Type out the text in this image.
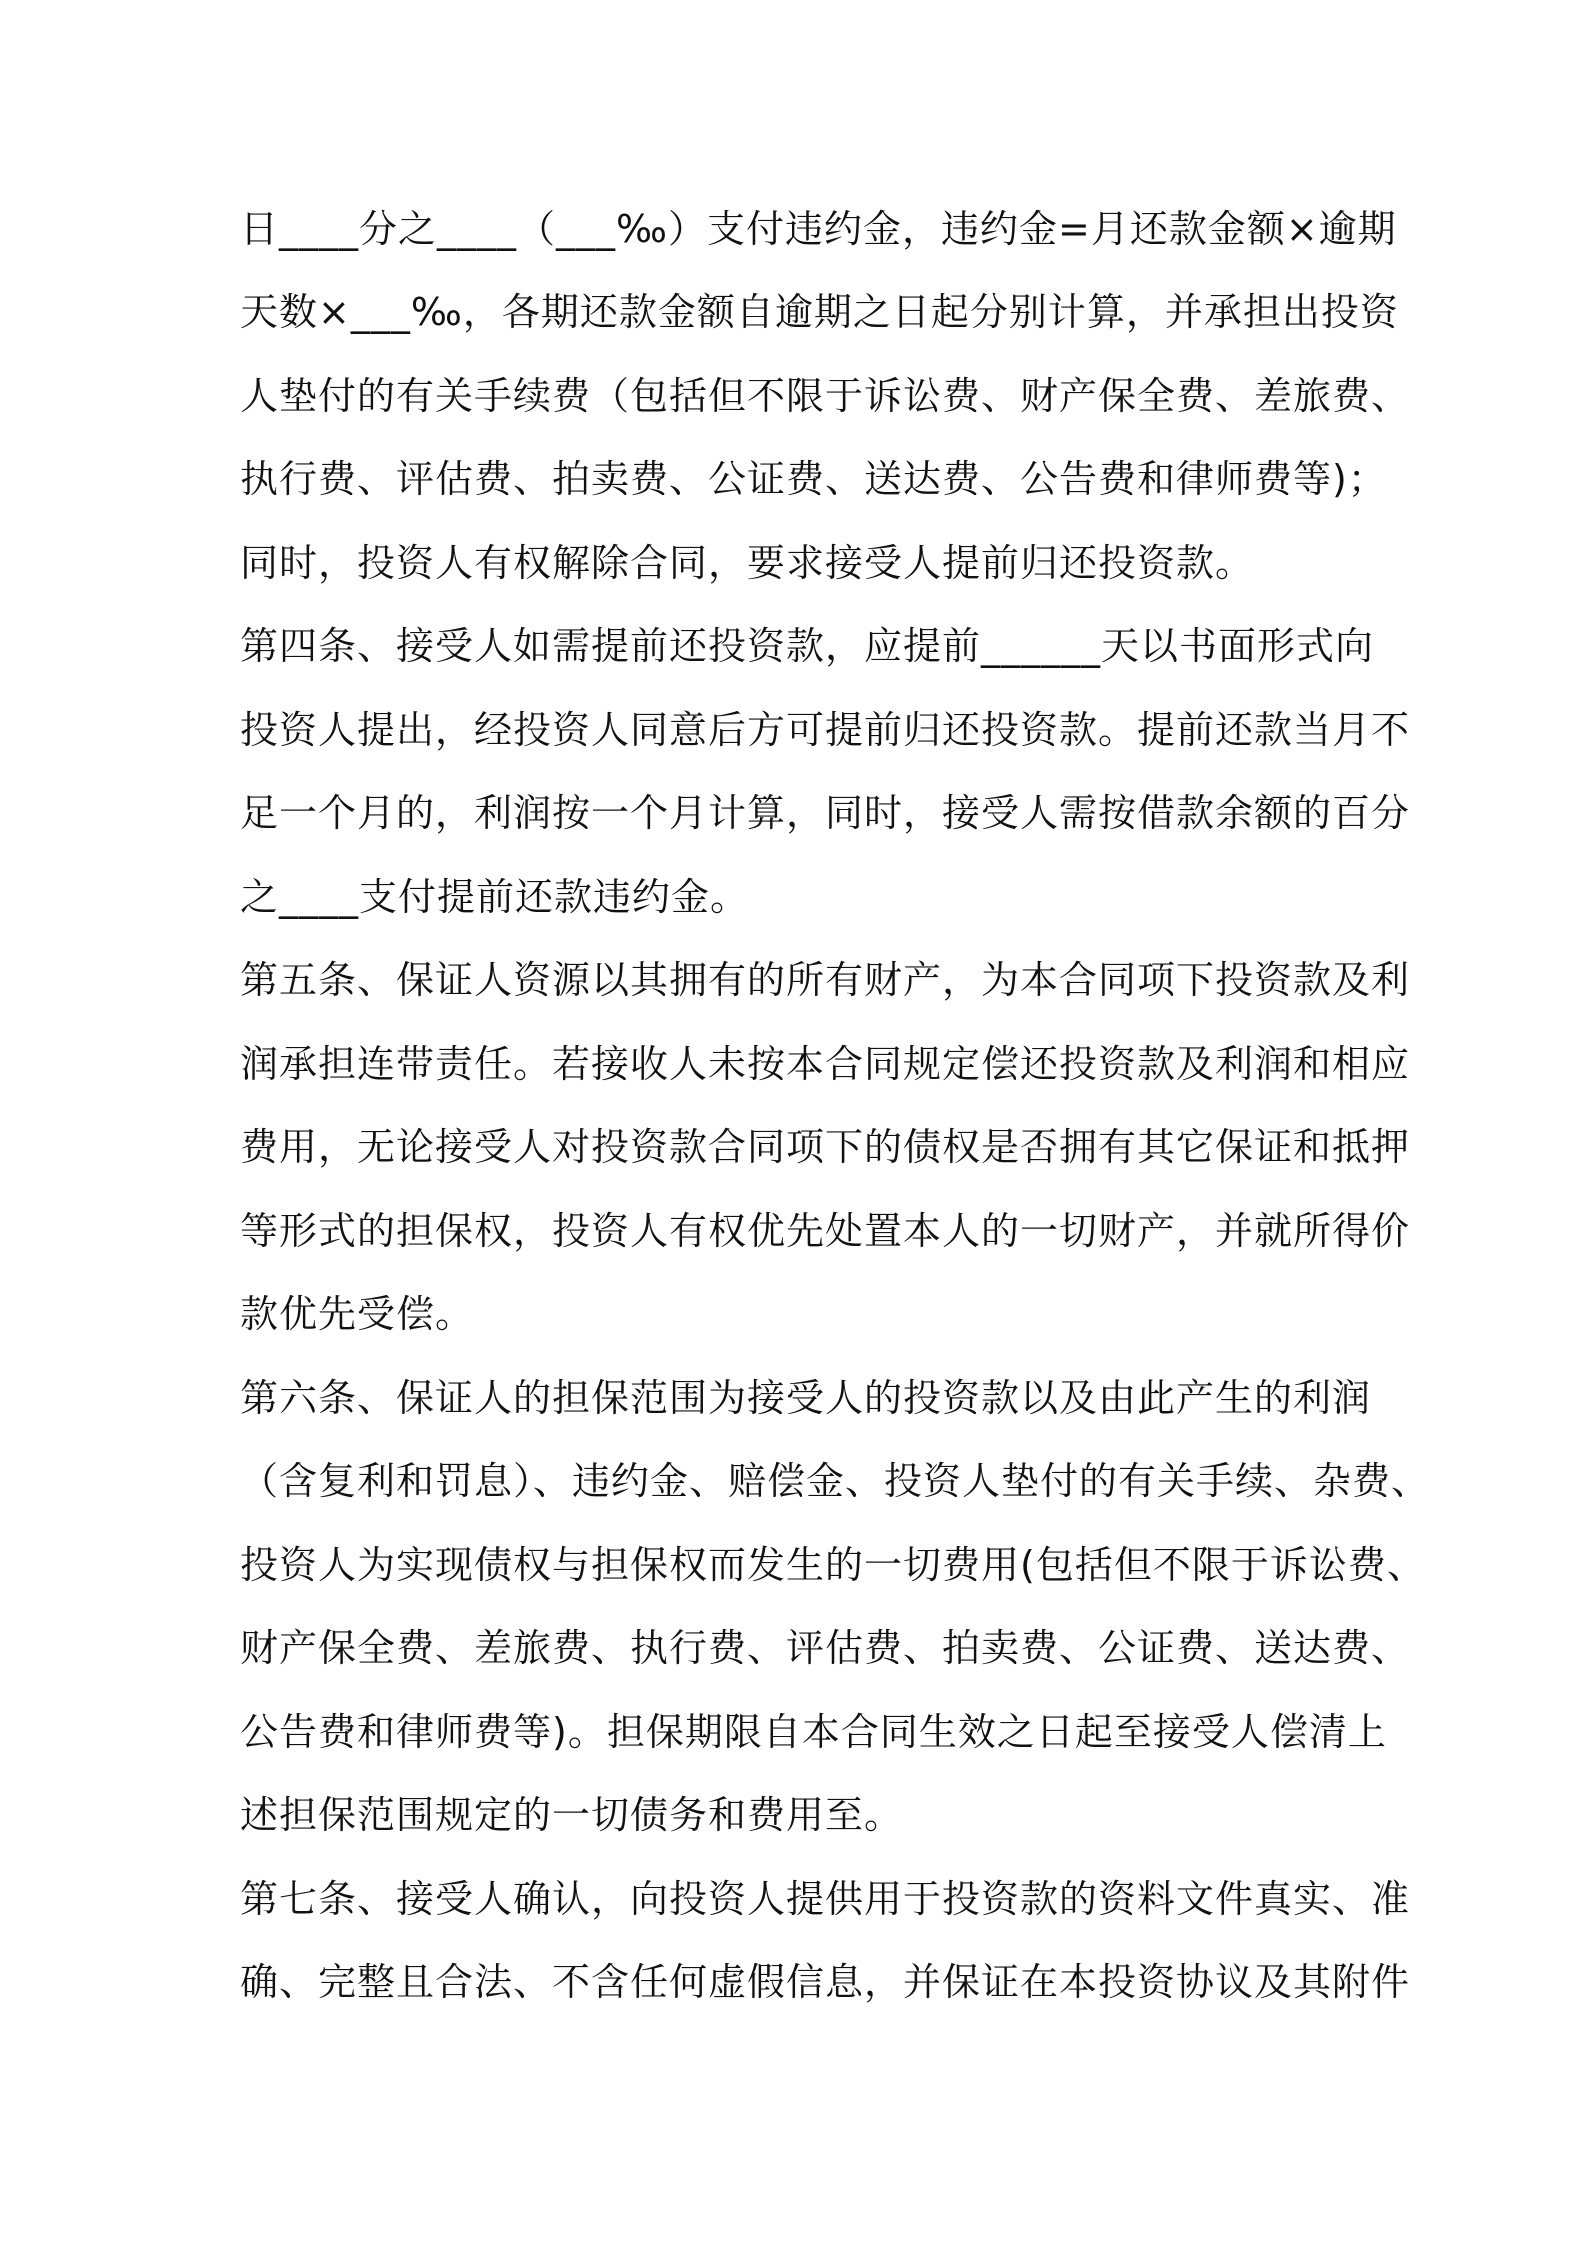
日____分之____（___‰）支付违约金，违约金=月还款金额×逾期
天数×___‰，各期还款金额自逾期之日起分别计算，并承担出投资
人垫付的有关手续费（包括但不限于诉讼费、财产保全费、差旅费、
执行费、评估费、拍卖费、公证费、送达费、公告费和律师费等)；
同时，投资人有权解除合同，要求接受人提前归还投资款。
第四条、接受人如需提前还投资款，应提前______天以书面形式向
投资人提出，经投资人同意后方可提前归还投资款。提前还款当月不
足一个月的，利润按一个月计算，同时，接受人需按借款余额的百分
之____支付提前还款违约金。
第五条、保证人资源以其拥有的所有财产，为本合同项下投资款及利
润承担连带责任。若接收人未按本合同规定偿还投资款及利润和相应
费用，无论接受人对投资款合同项下的债权是否拥有其它保证和抵押
等形式的担保权，投资人有权优先处置本人的一切财产，并就所得价
款优先受偿。
第六条、保证人的担保范围为接受人的投资款以及由此产生的利润
（含复利和罚息）、违约金、赔偿金、投资人垫付的有关手续、杂费、
投资人为实现债权与担保权而发生的一切费用(包括但不限于诉讼费、
财产保全费、差旅费、执行费、评估费、拍卖费、公证费、送达费、
公告费和律师费等)。担保期限自本合同生效之日起至接受人偿清上
述担保范围规定的一切债务和费用至。
第七条、接受人确认，向投资人提供用于投资款的资料文件真实、准
确、完整且合法、不含任何虚假信息，并保证在本投资协议及其附件
